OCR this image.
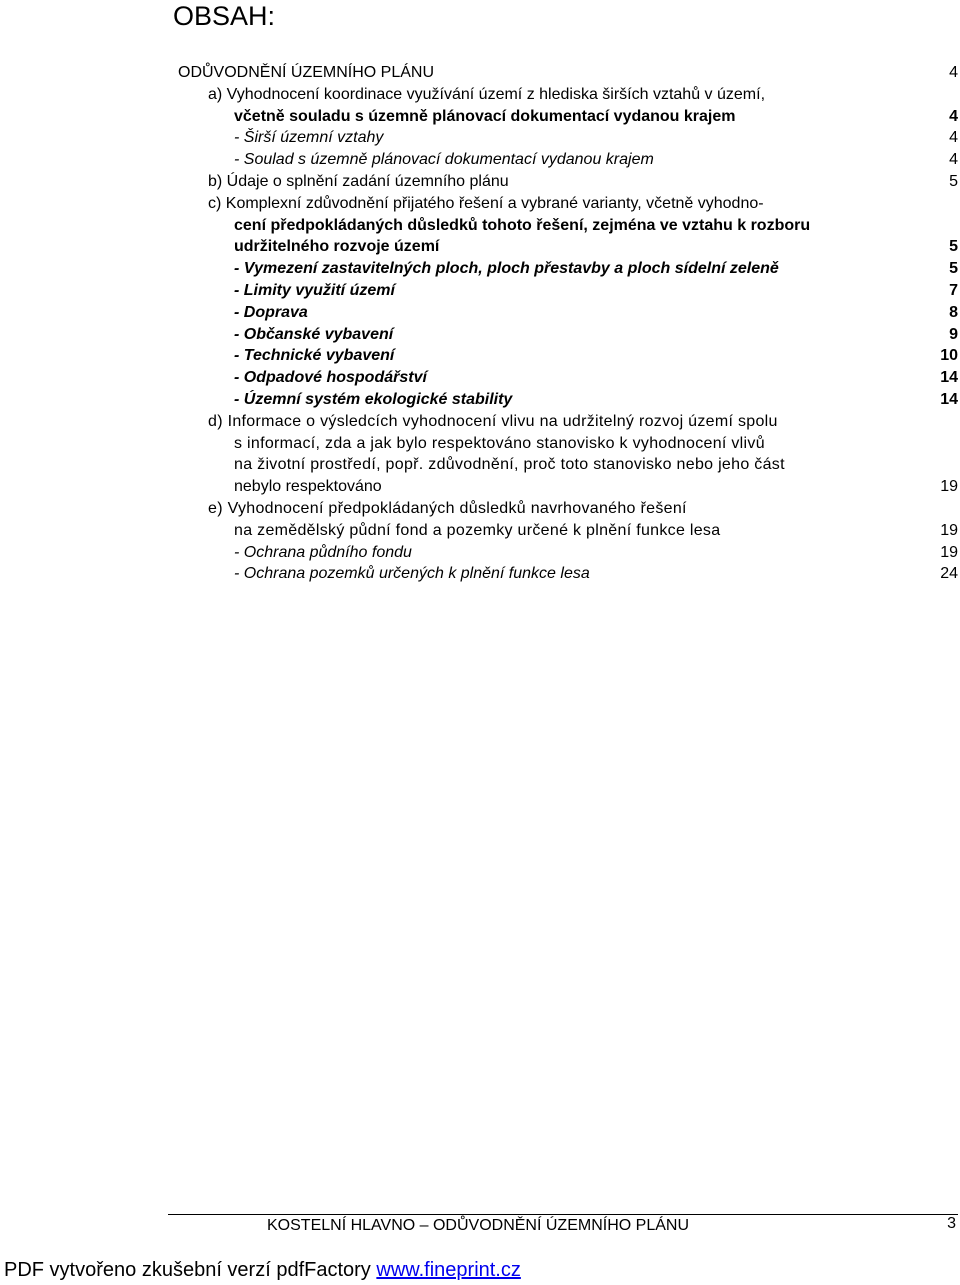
OBSAH:
ODŮVODNĚNÍ ÚZEMNÍHO PLÁNU	4
a) Vyhodnocení koordinace využívání území z hlediska širších vztahů v území,
včetně souladu s územně plánovací dokumentací vydanou krajem	4
- Širší územní vztahy	4
- Soulad s územně plánovací dokumentací vydanou krajem	4
b) Údaje o splnění zadání územního plánu	5
c) Komplexní zdůvodnění přijatého řešení a vybrané varianty, včetně vyhodno-
cení předpokládaných důsledků tohoto řešení, zejména ve vztahu k rozboru
udržitelného rozvoje území	5
- Vymezení zastavitelných ploch, ploch přestavby a ploch sídelní zeleně	5
- Limity využití území	7
- Doprava	8
- Občanské vybavení	9
- Technické vybavení	10
- Odpadové hospodářství	14
- Územní systém ekologické stability	14
d) Informace o výsledcích vyhodnocení vlivu na udržitelný rozvoj území spolu
s informací, zda a jak bylo respektováno stanovisko k vyhodnocení vlivů
na životní prostředí, popř. zdůvodnění, proč toto stanovisko nebo jeho část
nebylo respektováno	19
e) Vyhodnocení předpokládaných důsledků navrhovaného řešení
na zemědělský půdní fond a pozemky určené k plnění funkce lesa	19
- Ochrana půdního fondu	19
- Ochrana pozemků určených k plnění funkce lesa	24
KOSTELNÍ HLAVNO – ODŮVODNĚNÍ ÚZEMNÍHO PLÁNU	3
PDF vytvořeno zkušební verzí pdfFactory www.fineprint.cz
